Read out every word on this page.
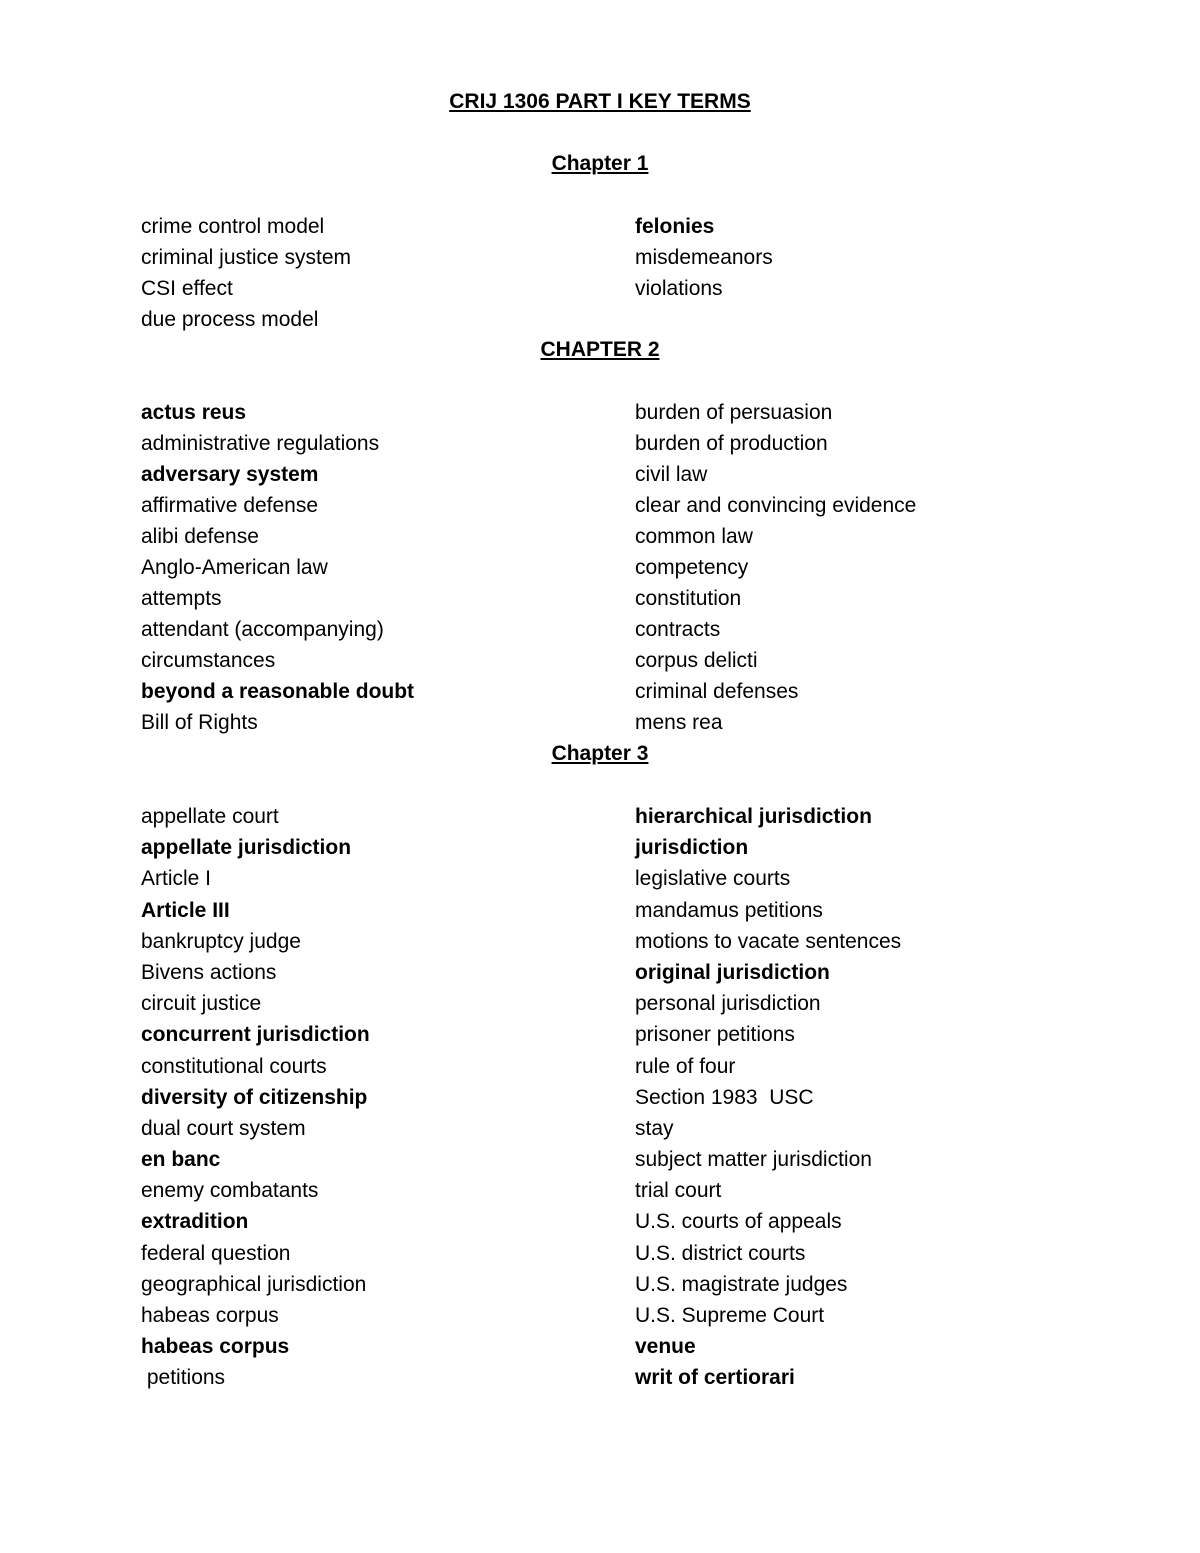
CRIJ 1306 PART I KEY TERMS
Chapter 1

crime control model

criminal justice system

CSI effect

due process model

felonies

misdemeanors

violations

CHAPTER 2

actus reus

administrative regulations

adversary system

affirmative defense

alibi defense

Anglo-American law

attempts

attendant (accompanying)

circumstances

beyond a reasonable doubt

Bill of Rights

burden of persuasion

burden of production

civil law

clear and convincing evidence

common law

competency

constitution

contracts

corpus delicti

criminal defenses

mens rea

Chapter 3

appellate court

appellate jurisdiction

Article I

Article III

bankruptcy judge

Bivens actions

circuit justice

concurrent jurisdiction

constitutional courts

diversity of citizenship

dual court system

en banc

enemy combatants

extradition

federal question

geographical jurisdiction

habeas corpus

habeas corpus

petitions

hierarchical jurisdiction

jurisdiction

legislative courts

mandamus petitions

motions to vacate sentences

original jurisdiction

personal jurisdiction

prisoner petitions

rule of four

Section 1983  USC

stay

subject matter jurisdiction

trial court

U.S. courts of appeals

U.S. district courts

U.S. magistrate judges

U.S. Supreme Court

venue

writ of certiorari
